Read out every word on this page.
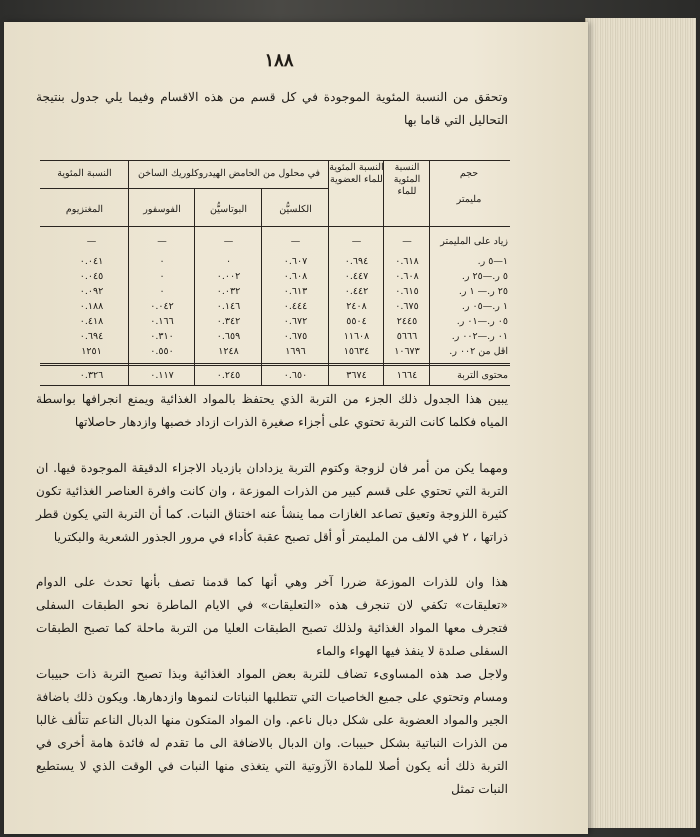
١٨٨
وتحقق من النسبة المئوية الموجودة في كل قسم من هذه الاقسام وفيما يلي جدول بنتيجة التحاليل التي قاما بها
حجم
مليمتر
النسبة المئوية للماء
النسبة المئوية للماء العضوية
في محلول من الحامض الهيدروكلوريك الساخن
النسبة المئوية
الكلسيُّن
البوتاسيُّن
الفوسفور
المغنزيوم
زياد على المليمتر
—
—
—
—
—
—
١—٥ ر.
٠.٦١٨
٠.٦٩٤
٠.٦٠٧
٠
٠
٠.٠٤١
٥ ر.—٢٥ ر.
٠.٦٠٨
٠.٤٤٧
٠.٦٠٨
٠.٠٠٢
٠
٠.٠٤٥
٢٥ ر.— ١ ر.
٠.٦١٥
٠.٤٤٢
٠.٦١٣
٠.٠٣٢
٠
٠.٠٩٢
١ ر.—٠٥ ر.
٠.٦٧٥
٢٤٠٨
٠.٤٤٤
٠.١٤٦
٠.٠٤٢
٠.١٨٨
٠٥ ر.—٠١ ر.
٢٤٤٥
٥٥٠٤
٠.٦٧٢
٠.٣٤٢
٠.١٦٦
٠.٤١٨
٠١ ر.—٠٠٢ ر.
٥٦٦٦
١١٦٠٨
٠.٦٧٥
٠.٦٥٩
٠.٣١٠
٠.٦٩٤
اقل من ٠٠٢ ر.
١٠٦٧٣
١٥٦٣٤
١٦٩٦
١٢٤٨
٠.٥٥٠
١٢٥١
محتوى التربة
١٦٦٤
٣٦٧٤
٠.٦٥٠
٠.٢٤٥
٠.١١٧
٠.٣٢٦
يبين هذا الجدول ذلك الجزء من التربة الذي يحتفظ بالمواد الغذائية ويمنع انجرافها بواسطة المياه فكلما كانت التربة تحتوي على أجزاء صغيرة الذرات ازداد خصبها وازدهار حاصلاتها
ومهما يكن من أمر فان لزوجة وكتوم التربة يزدادان بازدياد الاجزاء الدقيقة الموجودة فيها. ان التربة التي تحتوي على قسم كبير من الذرات الموزعة ، وان كانت وافرة العناصر الغذائية تكون كثيرة اللزوجة وتعيق تصاعد الغازات مما ينشأ عنه اختناق النبات. كما أن التربة التي يكون قطر ذراتها ، ٢ في الالف من المليمتر أو أقل تصبح عقبة كأداء في مرور الجذور الشعرية والبكتريا
هذا وان للذرات الموزعة ضررا آخر وهي أنها كما قدمنا تصف بأنها تحدث على الدوام «تعليقات» تكفي لان تنجرف هذه «التعليقات» في الايام الماطرة نحو الطبقات السفلى فتجرف معها المواد الغذائية ولذلك تصبح الطبقات العليا من التربة ماحلة كما تصبح الطبقات السفلى صلدة لا ينفذ فيها الهواء والماء
ولاجل صد هذه المساوىء تضاف للتربة بعض المواد الغذائية وبذا تصبح التربة ذات حبيبات ومسام وتحتوي على جميع الخاصيات التي تتطلبها النباتات لنموها وازدهارها. ويكون ذلك باضافة الجير والمواد العضوية على شكل دبال ناعم. وان المواد المتكون منها الدبال الناعم تتألف غالبا من الذرات النباتية بشكل حبيبات. وان الدبال بالاضافة الى ما تقدم له فائدة هامة أخرى في التربة ذلك أنه يكون أصلا للمادة الآزوتية التي يتغذى منها النبات في الوقت الذي لا يستطيع النبات تمثل
